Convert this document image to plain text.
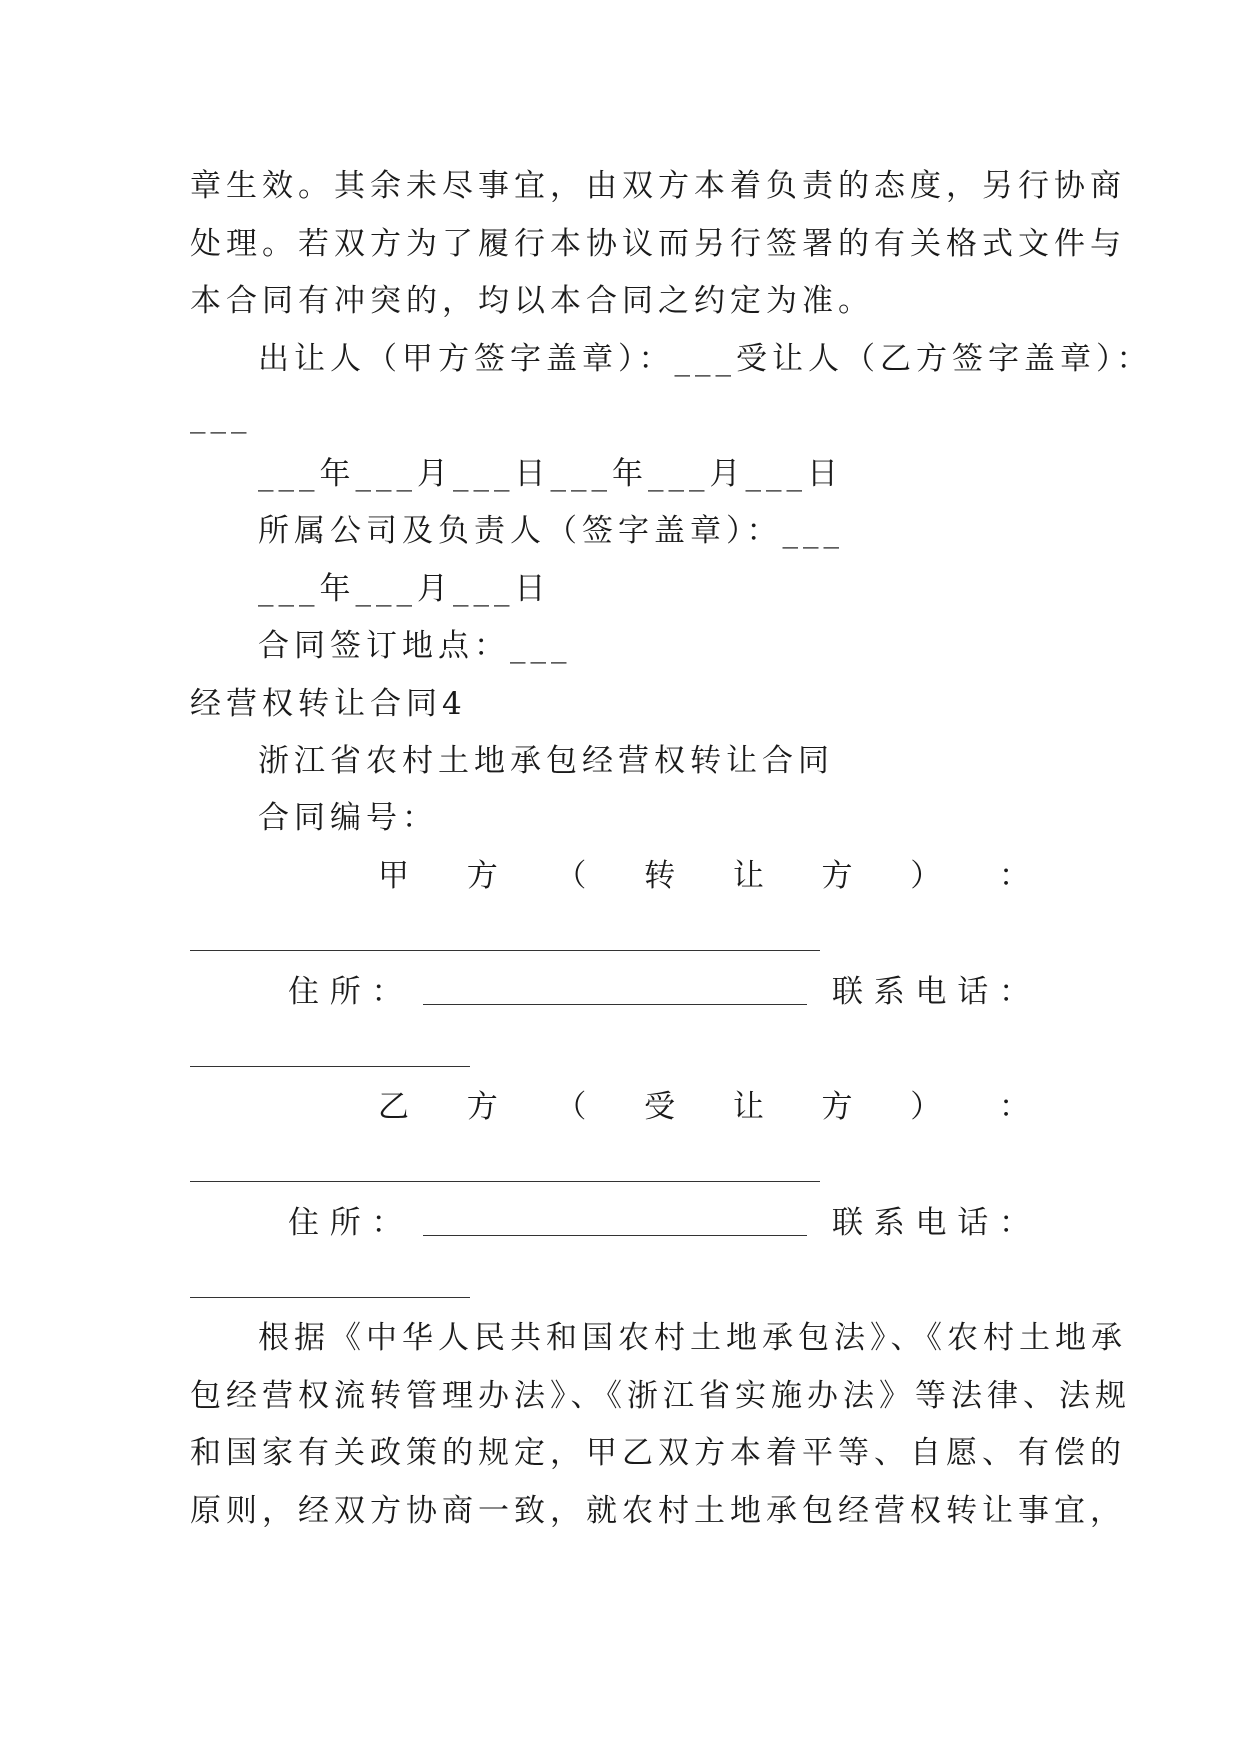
章生效。其余未尽事宜，由双方本着负责的态度，另行协商
处理。若双方为了履行本协议而另行签署的有关格式文件与
本合同有冲突的，均以本合同之约定为准。
出让人（甲方签字盖章）：___受让人（乙方签字盖章）：
___
___年___月___日___年___月___日
所属公司及负责人（签字盖章）：___
___年___月___日
合同签订地点：___
经营权转让合同4
浙江省农村土地承包经营权转让合同
合同编号：
甲 方 （ 转 让 方 ） ：
住 所 ：	联 系 电 话 ：
乙 方 （ 受 让 方 ） ：
住 所 ：	联 系 电 话 ：
根据《中华人民共和国农村土地承包法》、《农村土地承
包经营权流转管理办法》、《浙江省实施办法》等法律、法规
和国家有关政策的规定，甲乙双方本着平等、自愿、有偿的
原则，经双方协商一致，就农村土地承包经营权转让事宜，
